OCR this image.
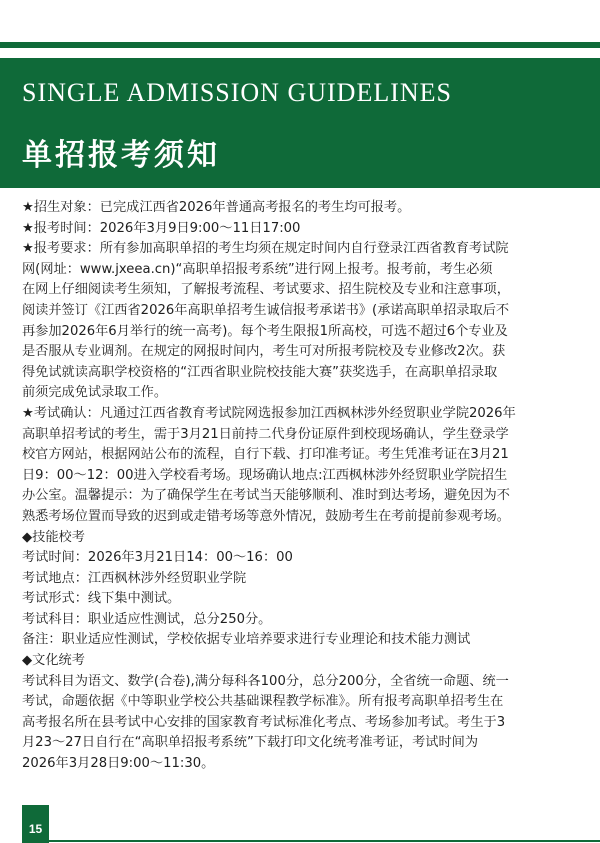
SINGLE ADMISSION GUIDELINES
单招报考须知
★招生对象：已完成江西省2026年普通高考报名的考生均可报考。
★报考时间：2026年3月9日9:00～11日17:00
★报考要求：所有参加高职单招的考生均须在规定时间内自行登录江西省教育考试院
网(网址：www.jxeea.cn)“高职单招报考系统”进行网上报考。报考前，考生必须
在网上仔细阅读考生须知，了解报考流程、考试要求、招生院校及专业和注意事项，
阅读并签订《江西省2026年高职单招考生诚信报考承诺书》(承诺高职单招录取后不
再参加2026年6月举行的统一高考)。每个考生限报1所高校，可选不超过6个专业及
是否服从专业调剂。在规定的网报时间内，考生可对所报考院校及专业修改2次。获
得免试就读高职学校资格的“江西省职业院校技能大赛”获奖选手，在高职单招录取
前须完成免试录取工作。
★考试确认：凡通过江西省教育考试院网选报参加江西枫林涉外经贸职业学院2026年
高职单招考试的考生，需于3月21日前持二代身份证原件到校现场确认，学生登录学
校官方网站，根据网站公布的流程，自行下载、打印准考证。考生凭准考证在3月21
日9：00～12：00进入学校看考场。现场确认地点:江西枫林涉外经贸职业学院招生
办公室。温馨提示：为了确保学生在考试当天能够顺利、准时到达考场，避免因为不
熟悉考场位置而导致的迟到或走错考场等意外情况，鼓励考生在考前提前参观考场。
◆技能校考
考试时间：2026年3月21日14：00～16：00
考试地点：江西枫林涉外经贸职业学院
考试形式：线下集中测试。
考试科目：职业适应性测试，总分250分。
备注：职业适应性测试，学校依据专业培养要求进行专业理论和技术能力测试
◆文化统考
考试科目为语文、数学(合卷),满分每科各100分，总分200分，全省统一命题、统一
考试，命题依据《中等职业学校公共基础课程教学标准》。所有报考高职单招考生在
高考报名所在县考试中心安排的国家教育考试标准化考点、考场参加考试。考生于3
月23～27日自行在“高职单招报考系统”下载打印文化统考准考证，考试时间为
2026年3月28日9:00～11:30。
15
